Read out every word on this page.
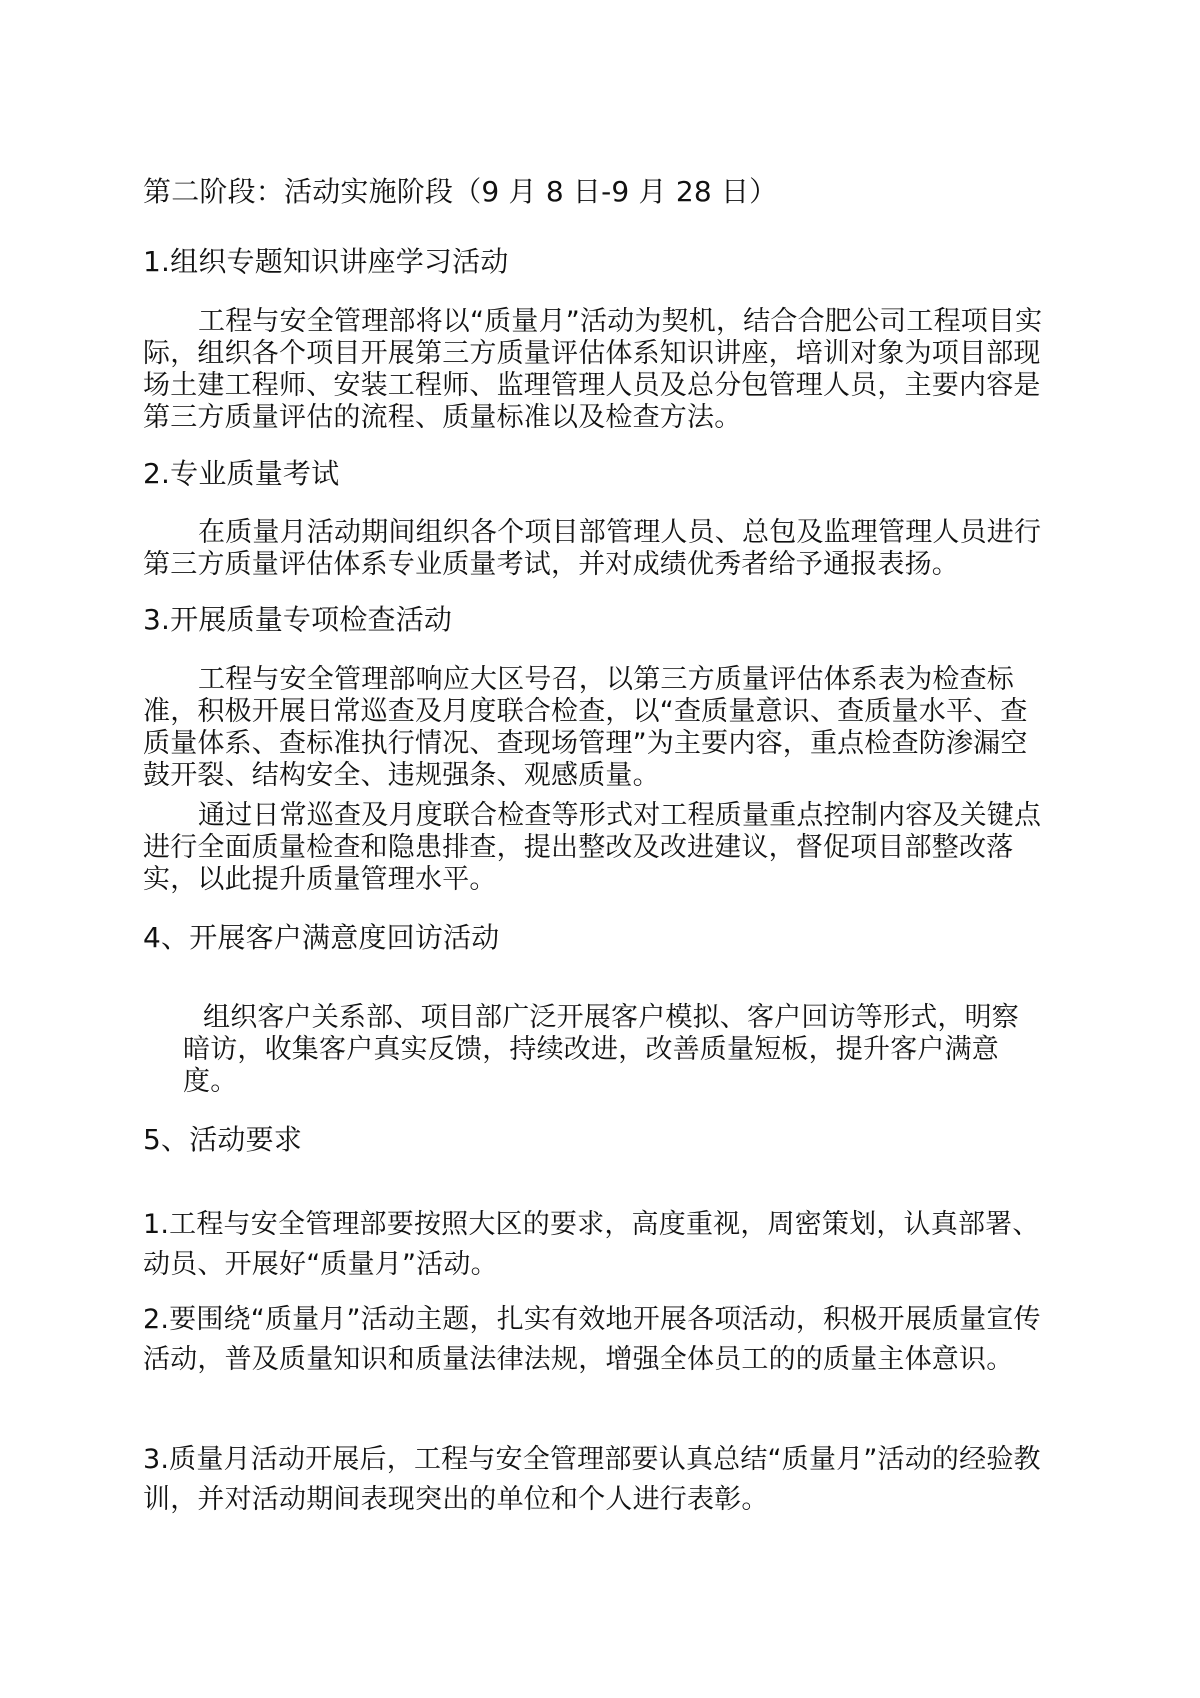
第二阶段：活动实施阶段（9 月 8 日-9 月 28 日）

1.组织专题知识讲座学习活动

工程与安全管理部将以“质量月”活动为契机，结合合肥公司工程项目实际，组织各个项目开展第三方质量评估体系知识讲座，培训对象为项目部现场土建工程师、安装工程师、监理管理人员及总分包管理人员，主要内容是第三方质量评估的流程、质量标准以及检查方法。

2.专业质量考试

在质量月活动期间组织各个项目部管理人员、总包及监理管理人员进行第三方质量评估体系专业质量考试，并对成绩优秀者给予通报表扬。

3.开展质量专项检查活动

工程与安全管理部响应大区号召，以第三方质量评估体系表为检查标准，积极开展日常巡查及月度联合检查，以“查质量意识、查质量水平、查质量体系、查标准执行情况、查现场管理”为主要内容，重点检查防渗漏空鼓开裂、结构安全、违规强条、观感质量。

通过日常巡查及月度联合检查等形式对工程质量重点控制内容及关键点进行全面质量检查和隐患排查，提出整改及改进建议，督促项目部整改落实，以此提升质量管理水平。

4、开展客户满意度回访活动

组织客户关系部、项目部广泛开展客户模拟、客户回访等形式，明察暗访，收集客户真实反馈，持续改进，改善质量短板，提升客户满意度。

5、活动要求

1.工程与安全管理部要按照大区的要求，高度重视，周密策划，认真部署、动员、开展好“质量月”活动。

2.要围绕“质量月”活动主题，扎实有效地开展各项活动，积极开展质量宣传活动，普及质量知识和质量法律法规，增强全体员工的的质量主体意识。

3.质量月活动开展后，工程与安全管理部要认真总结“质量月”活动的经验教训，并对活动期间表现突出的单位和个人进行表彰。
